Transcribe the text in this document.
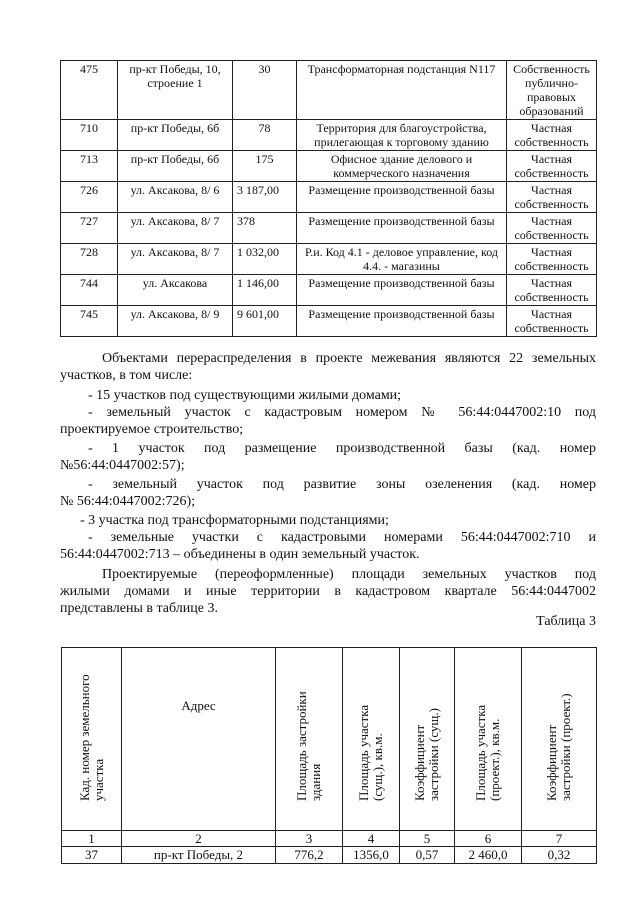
475	пр-кт Победы, 10, строение 1	30	Трансформаторная подстанция N117	Собственность публично-правовых образований
710	пр-кт Победы, 6б	78	Территория для благоустройства, прилегающая к торговому зданию	Частная собственность
713	пр-кт Победы, 6б	175	Офисное здание делового и коммерческого назначения	Частная собственность
726	ул. Аксакова, 8/ 6	3 187,00	Размещение производственной базы	Частная собственность
727	ул. Аксакова, 8/ 7	378	Размещение производственной базы	Частная собственность
728	ул. Аксакова, 8/ 7	1 032,00	Р.и. Код 4.1 - деловое управление, код 4.4. - магазины	Частная собственность
744	ул. Аксакова	1 146,00	Размещение производственной базы	Частная собственность
745	ул. Аксакова, 8/ 9	9 601,00	Размещение производственной базы	Частная собственность

Объектами перераспределения в проекте межевания являются 22 земельных

участков, в том числе:

- 15 участков под существующими жилыми домами;

- земельный участок с кадастровым номером № 56:44:0447002:10 под

проектируемое строительство;

- 1 участок под размещение производственной базы (кад. номер

№56:44:0447002:57);

- земельный участок под развитие зоны озеленения (кад. номер

№ 56:44:0447002:726);

- 3 участка под трансформаторными подстанциями;

- земельные участки с кадастровыми номерами 56:44:0447002:710 и

56:44:0447002:713 – объединены в один земельный участок.

Проектируемые (переоформленные) площади земельных участков под

жилыми домами и иные территории в кадастровом квартале 56:44:0447002

представлены в таблице 3.

Таблица 3

Кад. номер земельного участка	Адрес	Площадь застройки здания	Площадь участка (сущ.), кв.м.	Коэффициент застройки (сущ.)	Площадь участка (проект.), кв.м.	Коэффициент застройки (проект.)
1	2	3	4	5	6	7
37	пр-кт Победы, 2	776,2	1356,0	0,57	2 460,0	0,32
